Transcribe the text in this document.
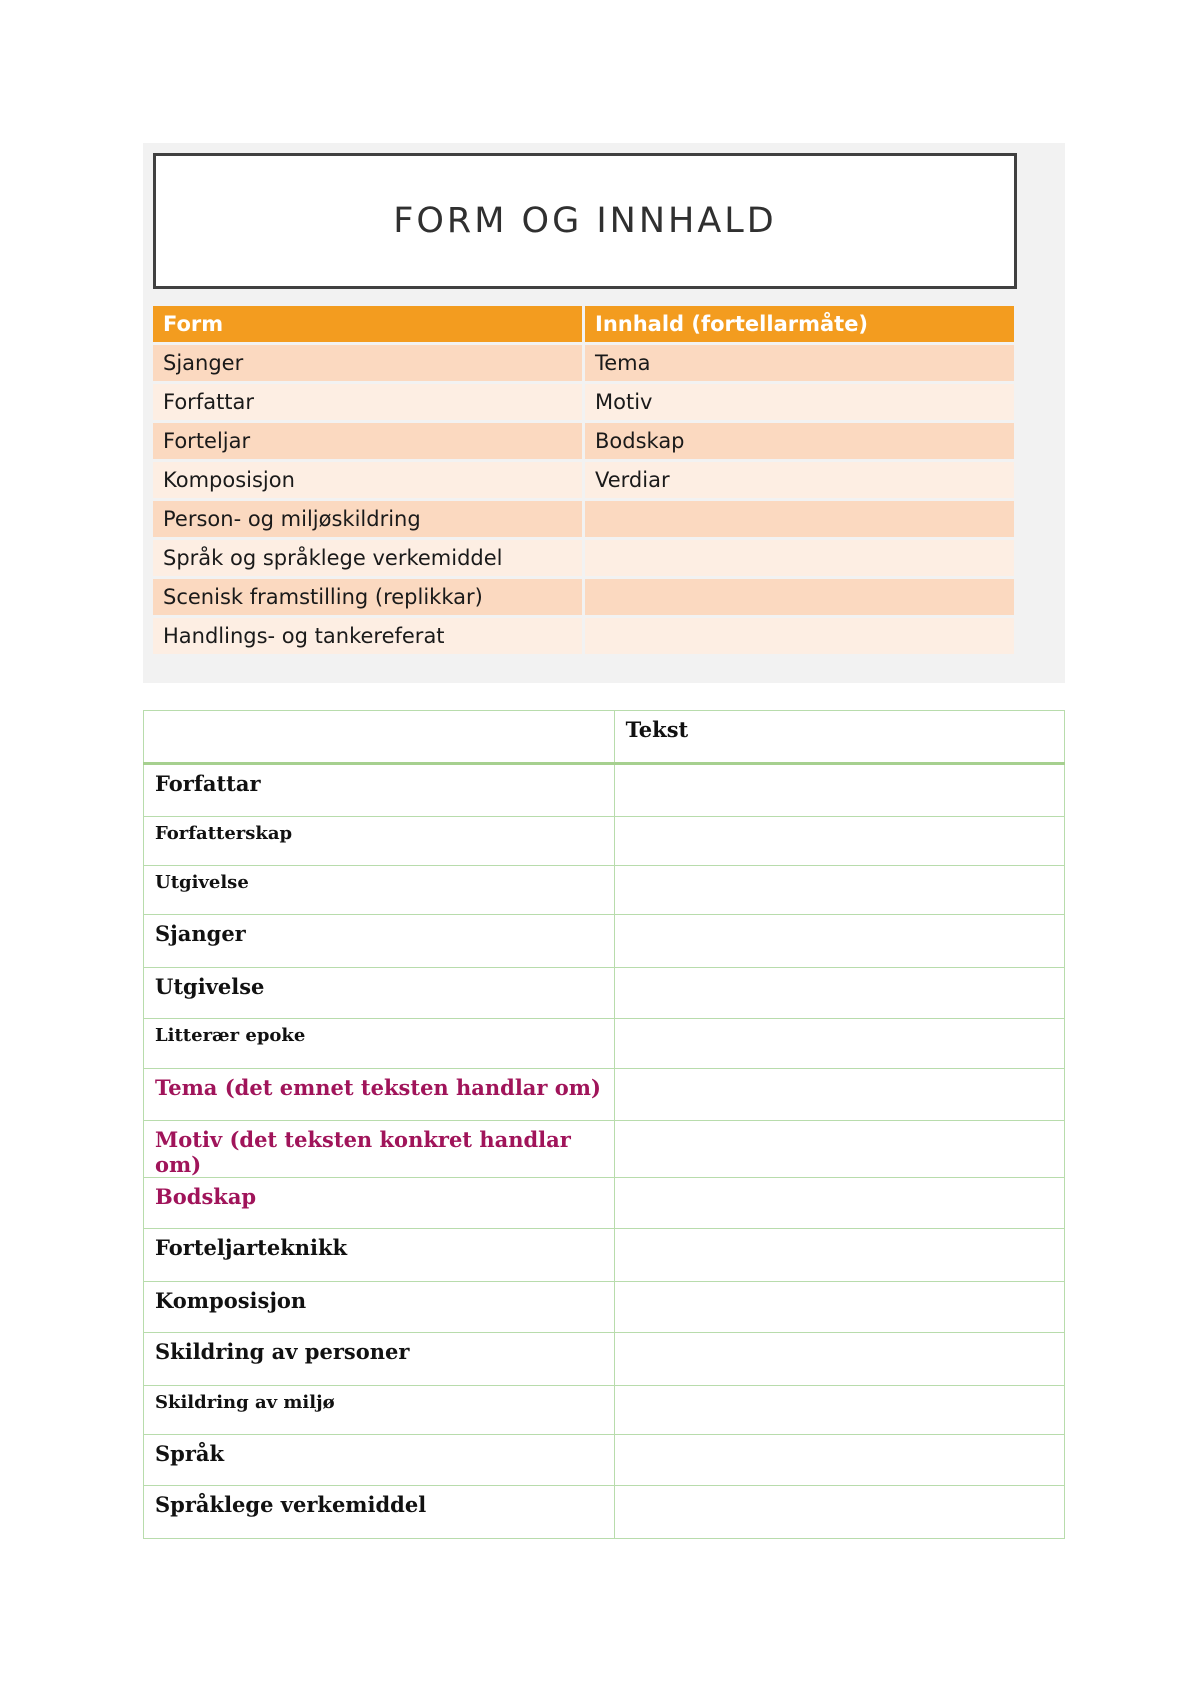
FORM OG INNHALD
Form	Innhald (fortellarmåte)
Sjanger	Tema
Forfattar	Motiv
Forteljar	Bodskap
Komposisjon	Verdiar
Person- og miljøskildring	
Språk og språklege verkemiddel	
Scenisk framstilling (replikkar)	
Handlings- og tankereferat	
	Tekst
Forfattar	
Forfatterskap	
Utgivelse	
Sjanger	
Utgivelse	
Litterær epoke	
Tema (det emnet teksten handlar om)	
Motiv (det teksten konkret handlar om)	
Bodskap	
Forteljarteknikk	
Komposisjon	
Skildring av personer	
Skildring av miljø	
Språk	
Språklege verkemiddel	
